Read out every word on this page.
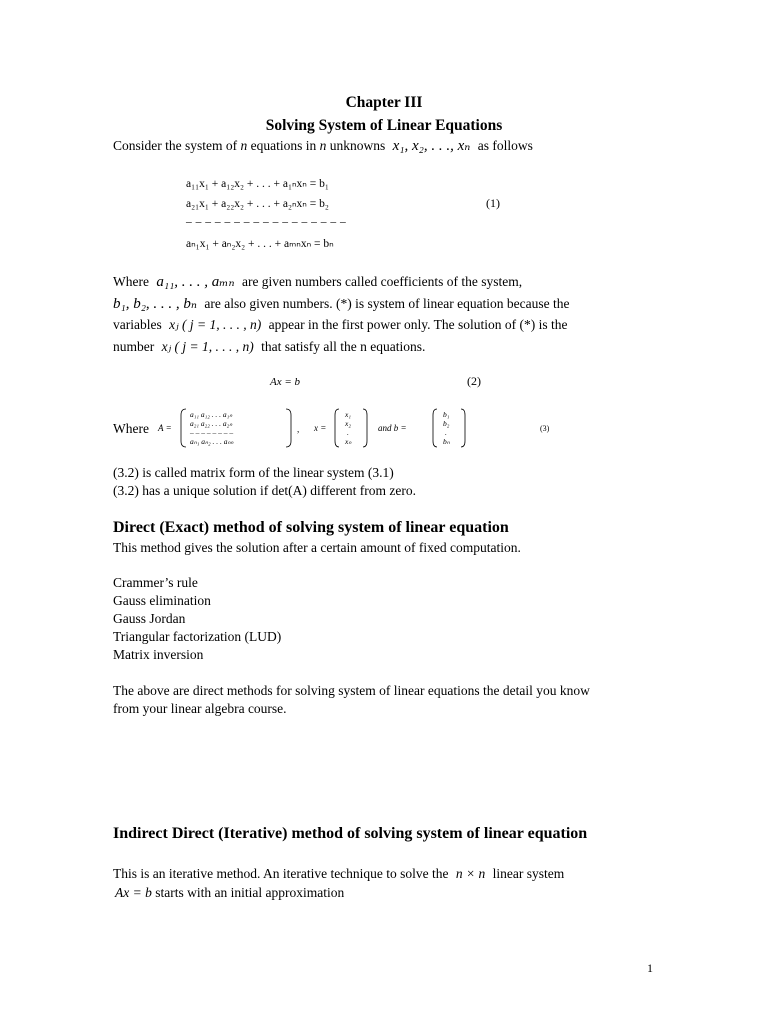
Chapter III
Solving System of Linear Equations
Consider the system of n equations in n unknowns x₁, x₂, . . ., xₙ as follows
a₁₁x₁ + a₁₂x₂ + . . . + a₁ₙxₙ = b₁
a₂₁x₁ + a₂₂x₂ + . . . + a₂ₙxₙ = b₂	(1)
– – – – – – – – – – – – – – – – –
aₙ₁x₁ + aₙ₂x₂ + . . . + aₘₙxₙ = bₙ
Where a₁₁, . . . , aₘₙ are given numbers called coefficients of the system,
b₁, b₂, . . . , bₙ are also given numbers. (*) is system of linear equation because the
variables xⱼ ( j = 1, . . . , n) appear in the first power only. The solution of (*) is the
number xⱼ ( j = 1, . . . , n) that satisfy all the n equations.
Ax = b	(2)
Where A =
a₁₁ a₁₂ . . . a₁ₙ
a₂₁ a₂₂ . . . a₂ₙ
– – – – – – – –
aₙ₁ aₙ₂ . . . aₙₙ
, x =
x₁
x₂
.
xₙ
and b =
b₁
b₂
.
bₙ
(3)
(3.2) is called matrix form of the linear system (3.1)
(3.2) has a unique solution if det(A) different from zero.
Direct (Exact) method of solving system of linear equation
This method gives the solution after a certain amount of fixed computation.
Crammer’s rule
Gauss elimination
Gauss Jordan
Triangular factorization (LUD)
Matrix inversion
The above are direct methods for solving system of linear equations the detail you know
from your linear algebra course.
Indirect Direct (Iterative) method of solving system of linear equation
This is an iterative method. An iterative technique to solve the n × n linear system
Ax = b starts with an initial approximation
1
